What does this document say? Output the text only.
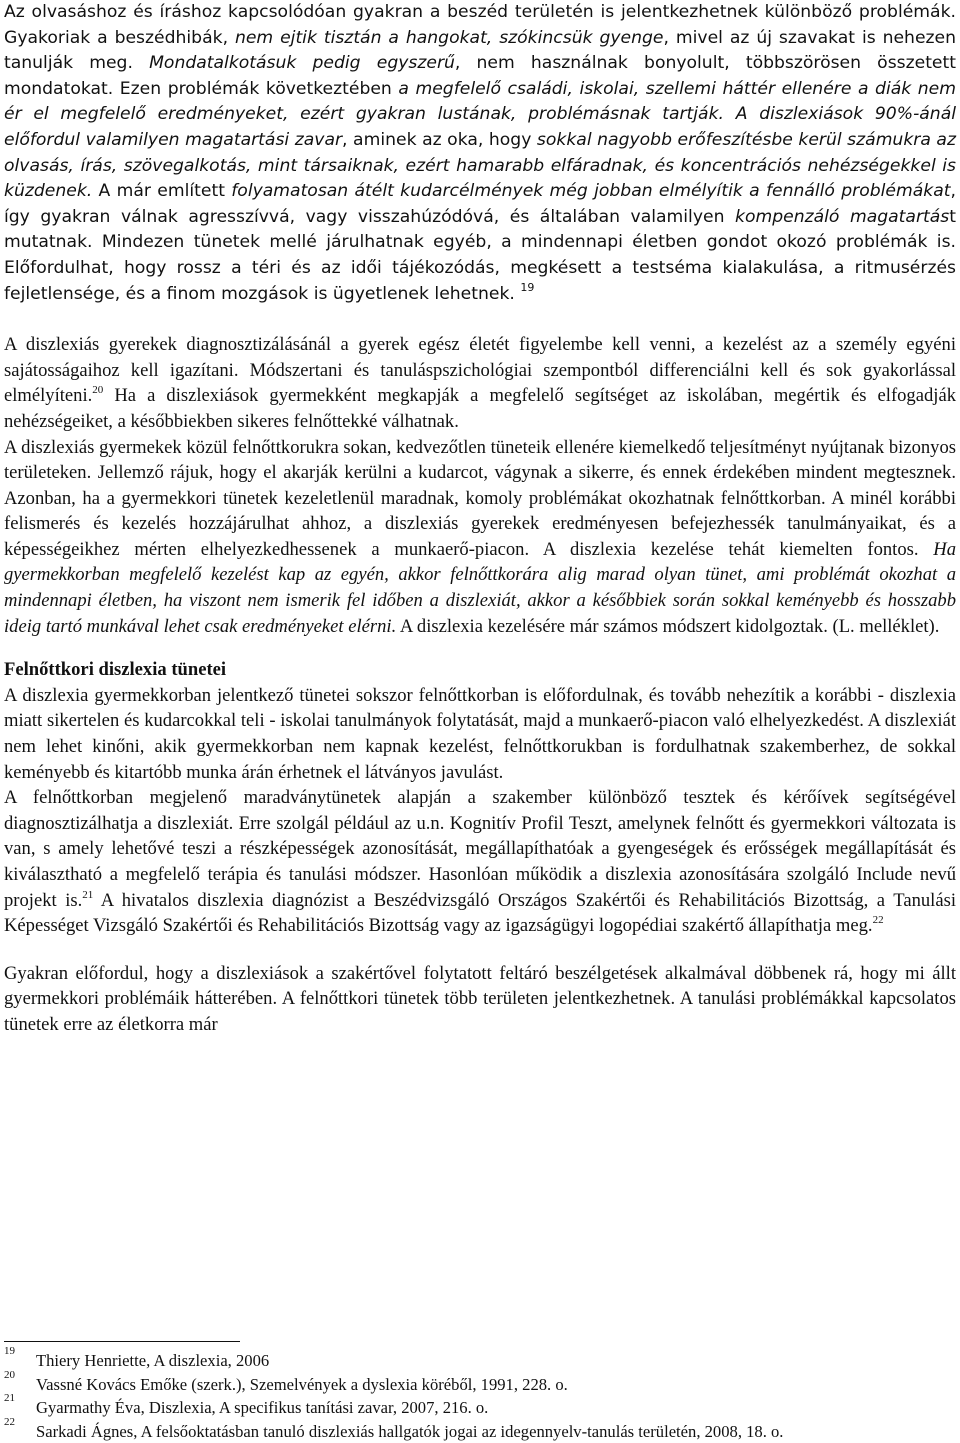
Az olvasáshoz és íráshoz kapcsolódóan gyakran a beszéd területén is jelentkezhetnek különböző problémák. Gyakoriak a beszédhibák, nem ejtik tisztán a hangokat, szókincsük gyenge, mivel az új szavakat is nehezen tanulják meg. Mondatalkotásuk pedig egyszerű, nem használnak bonyolult, többszörösen összetett mondatokat. Ezen problémák következtében a megfelelő családi, iskolai, szellemi háttér ellenére a diák nem ér el megfelelő eredményeket, ezért gyakran lustának, problémásnak tartják. A diszlexiások 90%-ánál előfordul valamilyen magatartási zavar, aminek az oka, hogy sokkal nagyobb erőfeszítésbe kerül számukra az olvasás, írás, szövegalkotás, mint társaiknak, ezért hamarabb elfáradnak, és koncentrációs nehézségekkel is küzdenek. A már említett folyamatosan átélt kudarcélmények még jobban elmélyítik a fennálló problémákat, így gyakran válnak agresszívvá, vagy visszahúzódóvá, és általában valamilyen kompenzáló magatartást mutatnak. Mindezen tünetek mellé járulhatnak egyéb, a mindennapi életben gondot okozó problémák is. Előfordulhat, hogy rossz a téri és az idői tájékozódás, megkésett a testséma kialakulása, a ritmusérzés fejletlensége, és a finom mozgások is ügyetlenek lehetnek. $^{19}$

A diszlexiás gyerekek diagnosztizálásánál a gyerek egész életét figyelembe kell venni, a kezelést az a személy egyéni sajátosságaihoz kell igazítani. Módszertani és tanuláspszichológiai szempontból differenciálni kell és sok gyakorlással elmélyíteni.$^{20}$ Ha a diszlexiások gyermekként megkapják a megfelelő segítséget az iskolában, megértik és elfogadják nehézségeiket, a későbbiekben sikeres felnőttekké válhatnak.

A diszlexiás gyermekek közül felnőttkorukra sokan, kedvezőtlen tüneteik ellenére kiemelkedő teljesítményt nyújtanak bizonyos területeken. Jellemző rájuk, hogy el akarják kerülni a kudarcot, vágynak a sikerre, és ennek érdekében mindent megtesznek. Azonban, ha a gyermekkori tünetek kezeletlenül maradnak, komoly problémákat okozhatnak felnőttkorban. A minél korábbi felismerés és kezelés hozzájárulhat ahhoz, a diszlexiás gyerekek eredményesen befejezhessék tanulmányaikat, és a képességeikhez mérten elhelyezkedhessenek a munkaerő-piacon. A diszlexia kezelése tehát kiemelten fontos. Ha gyermekkorban megfelelő kezelést kap az egyén, akkor felnőttkorára alig marad olyan tünet, ami problémát okozhat a mindennapi életben, ha viszont nem ismerik fel időben a diszlexiát, akkor a későbbiek során sokkal keményebb és hosszabb ideig tartó munkával lehet csak eredményeket elérni. A diszlexia kezelésére már számos módszert kidolgoztak. (L. melléklet).

Felnőttkori diszlexia tünetei

A diszlexia gyermekkorban jelentkező tünetei sokszor felnőttkorban is előfordulnak, és tovább nehezítik a korábbi - diszlexia miatt sikertelen és kudarcokkal teli - iskolai tanulmányok folytatását, majd a munkaerő-piacon való elhelyezkedést. A diszlexiát nem lehet kinőni, akik gyermekkorban nem kapnak kezelést, felnőttkorukban is fordulhatnak szakemberhez, de sokkal keményebb és kitartóbb munka árán érhetnek el látványos javulást.

A felnőttkorban megjelenő maradványtünetek alapján a szakember különböző tesztek és kérőívek segítségével diagnosztizálhatja a diszlexiát. Erre szolgál például az u.n. Kognitív Profil Teszt, amelynek felnőtt és gyermekkori változata is van, s amely lehetővé teszi a részképességek azonosítását, megállapíthatóak a gyengeségek és erősségek megállapítását és kiválasztható a megfelelő terápia és tanulási módszer. Hasonlóan működik a diszlexia azonosítására szolgáló Include nevű projekt is.$^{21}$ A hivatalos diszlexia diagnózist a Beszédvizsgáló Országos Szakértői és Rehabilitációs Bizottság, a Tanulási Képességet Vizsgáló Szakértői és Rehabilitációs Bizottság vagy az igazságügyi logopédiai szakértő állapíthatja meg.$^{22}$

Gyakran előfordul, hogy a diszlexiások a szakértővel folytatott feltáró beszélgetések alkalmával döbbenek rá, hogy mi állt gyermekkori problémáik hátterében. A felnőttkori tünetek több területen jelentkezhetnek. A tanulási problémákkal kapcsolatos tünetek erre az életkorra már

19 Thiery Henriette, A diszlexia, 2006
20 Vassné Kovács Emőke (szerk.), Szemelvények a dyslexia köréből, 1991, 228. o.
21 Gyarmathy Éva, Diszlexia, A specifikus tanítási zavar, 2007, 216. o.
22 Sarkadi Ágnes, A felsőoktatásban tanuló diszlexiás hallgatók jogai az idegennyelv-tanulás területén, 2008, 18. o.
